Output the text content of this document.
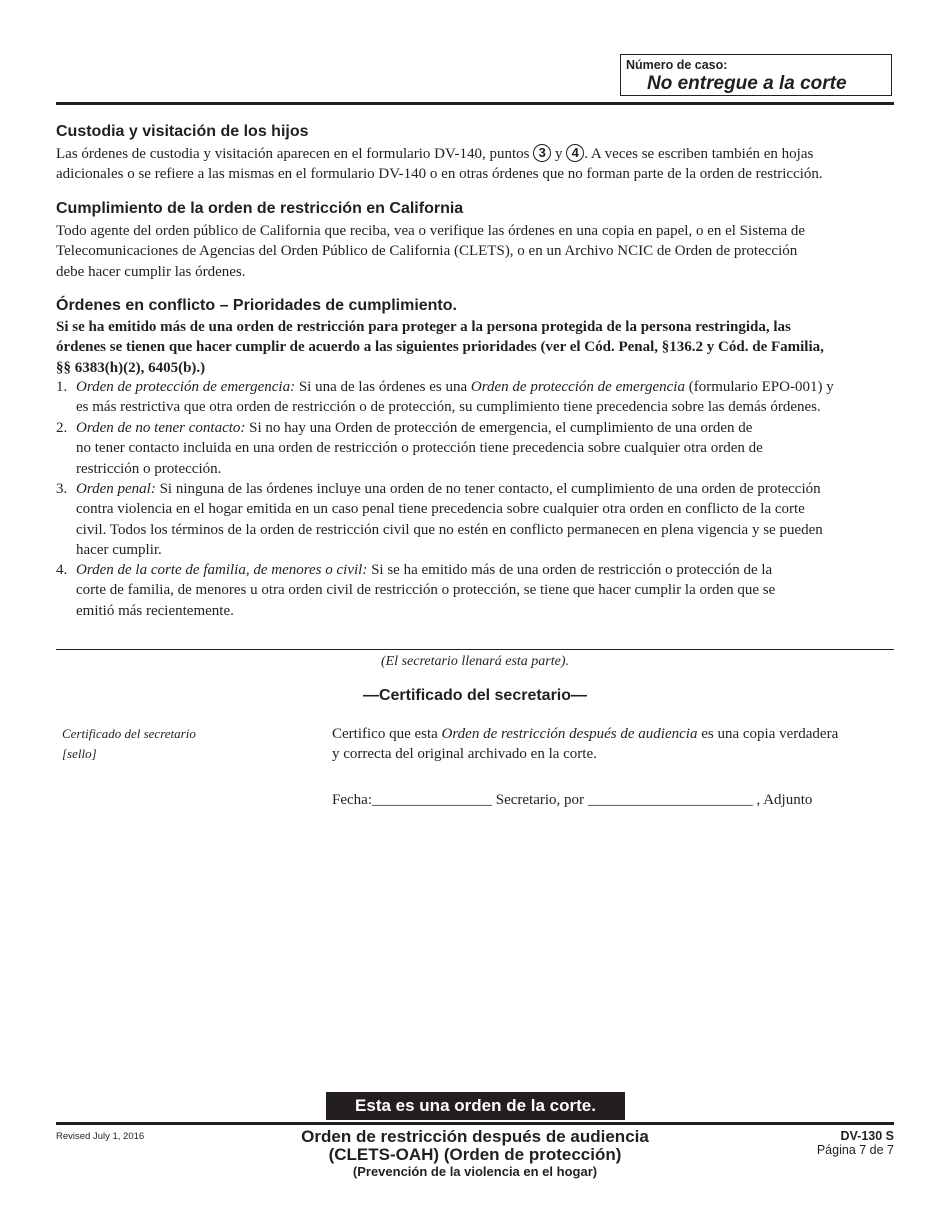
Número de caso:
No entregue a la corte
Custodia y visitación de los hijos
Las órdenes de custodia y visitación aparecen en el formulario DV-140, puntos 3 y 4 . A veces se escriben también en hojas
adicionales o se refiere a las mismas en el formulario DV-140 o en otras órdenes que no forman parte de la orden de restricción.
Cumplimiento de la orden de restricción en California
Todo agente del orden público de California que reciba, vea o verifique las órdenes en una copia en papel, o en el Sistema de
Telecomunicaciones de Agencias del Orden Público de California (CLETS), o en un Archivo NCIC de Orden de protección
debe hacer cumplir las órdenes.
Órdenes en conflicto – Prioridades de cumplimiento.
Si se ha emitido más de una orden de restricción para proteger a la persona protegida de la persona restringida, las
órdenes se tienen que hacer cumplir de acuerdo a las siguientes prioridades (ver el Cód. Penal, §136.2 y Cód. de Familia,
§§ 6383(h)(2), 6405(b).)
1. Orden de protección de emergencia: Si una de las órdenes es una Orden de protección de emergencia (formulario EPO-001) y
es más restrictiva que otra orden de restricción o de protección, su cumplimiento tiene precedencia sobre las demás órdenes.
2. Orden de no tener contacto: Si no hay una Orden de protección de emergencia, el cumplimiento de una orden de
no tener contacto incluida en una orden de restricción o protección tiene precedencia sobre cualquier otra orden de
restricción o protección.
3. Orden penal: Si ninguna de las órdenes incluye una orden de no tener contacto, el cumplimiento de una orden de protección
contra violencia en el hogar emitida en un caso penal tiene precedencia sobre cualquier otra orden en conflicto de la corte
civil. Todos los términos de la orden de restricción civil que no estén en conflicto permanecen en plena vigencia y se pueden
hacer cumplir.
4. Orden de la corte de familia, de menores o civil: Si se ha emitido más de una orden de restricción o protección de la
corte de familia, de menores u otra orden civil de restricción o protección, se tiene que hacer cumplir la orden que se
emitió más recientemente.
(El secretario llenará esta parte).
—Certificado del secretario—
Certificado del secretario
[sello]
Certifico que esta Orden de restricción después de audiencia es una copia verdadera
y correcta del original archivado en la corte.
Fecha:________________ Secretario, por ______________________ , Adjunto
Esta es una orden de la corte.
Revised July 1, 2016	Orden de restricción después de audiencia
(CLETS-OAH) (Orden de protección)
(Prevención de la violencia en el hogar)
DV-130 S
Página 7 de 7
